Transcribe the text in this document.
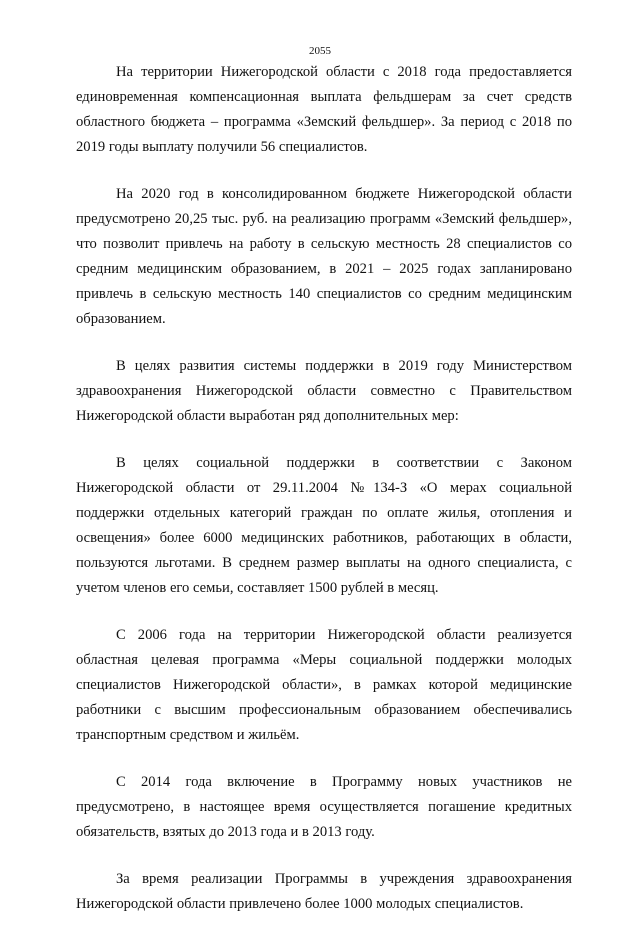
2055

На территории Нижегородской области с 2018 года предоставляется единовременная компенсационная выплата фельдшерам за счет средств областного бюджета – программа «Земский фельдшер». За период с 2018 по 2019 годы выплату получили 56 специалистов.

На 2020 год в консолидированном бюджете Нижегородской области предусмотрено 20,25 тыс. руб. на реализацию программ «Земский фельдшер», что позволит привлечь на работу в сельскую местность 28 специалистов со средним медицинским образованием, в 2021 – 2025 годах запланировано привлечь в сельскую местность 140 специалистов со средним медицинским образованием.

В целях развития системы поддержки в 2019 году Министерством здравоохранения Нижегородской области совместно с Правительством Нижегородской области выработан ряд дополнительных мер:

В целях социальной поддержки в соответствии с Законом Нижегородской области от 29.11.2004 №134-З «О мерах социальной поддержки отдельных категорий граждан по оплате жилья, отопления и освещения» более 6000 медицинских работников, работающих в области, пользуются льготами. В среднем размер выплаты на одного специалиста, с учетом членов его семьи, составляет 1500 рублей в месяц.

С 2006 года на территории Нижегородской области реализуется областная целевая программа «Меры социальной поддержки молодых специалистов Нижегородской области», в рамках которой медицинские работники с высшим профессиональным образованием обеспечивались транспортным средством и жильём.

С 2014 года включение в Программу новых участников не предусмотрено, в настоящее время осуществляется погашение кредитных обязательств, взятых до 2013 года и в 2013 году.

За время реализации Программы в учреждения здравоохранения Нижегородской области привлечено более 1000 молодых специалистов.
